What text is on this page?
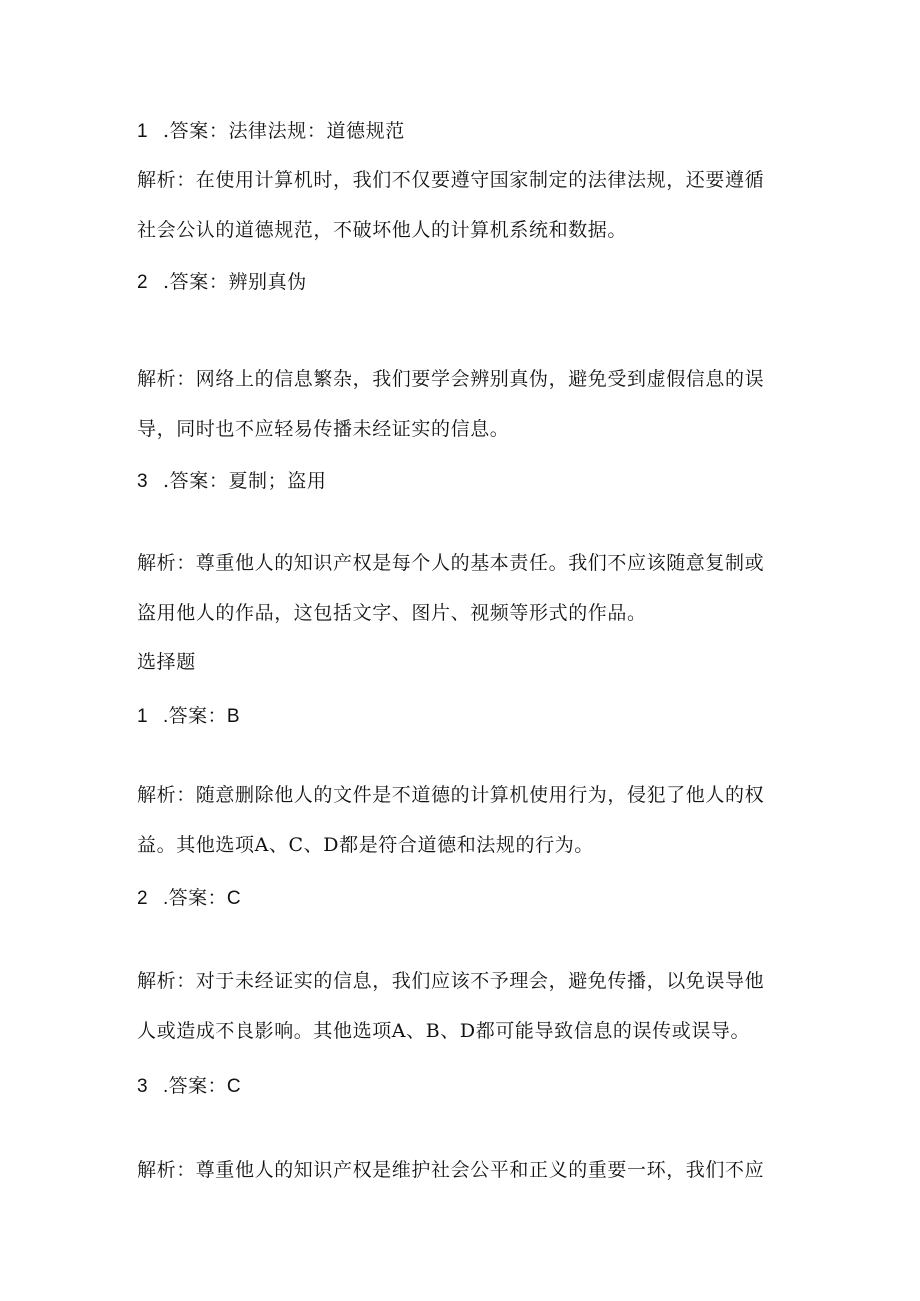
1 .答案：法律法规：道德规范

解析：在使用计算机时，我们不仅要遵守国家制定的法律法规，还要遵循

社会公认的道德规范，不破坏他人的计算机系统和数据。

2 .答案：辨别真伪

解析：网络上的信息繁杂，我们要学会辨别真伪，避免受到虚假信息的误

导，同时也不应轻易传播未经证实的信息。

3 .答案：夏制；盗用

解析：尊重他人的知识产权是每个人的基本责任。我们不应该随意复制或

盗用他人的作品，这包括文字、图片、视频等形式的作品。

选择题

1 .答案：B

解析：随意删除他人的文件是不道德的计算机使用行为，侵犯了他人的权

益。其他选项A、C、D都是符合道德和法规的行为。

2 .答案：C

解析：对于未经证实的信息，我们应该不予理会，避免传播，以免误导他

人或造成不良影响。其他选项A、B、D都可能导致信息的误传或误导。

3 .答案：C

解析：尊重他人的知识产权是维护社会公平和正义的重要一环，我们不应
